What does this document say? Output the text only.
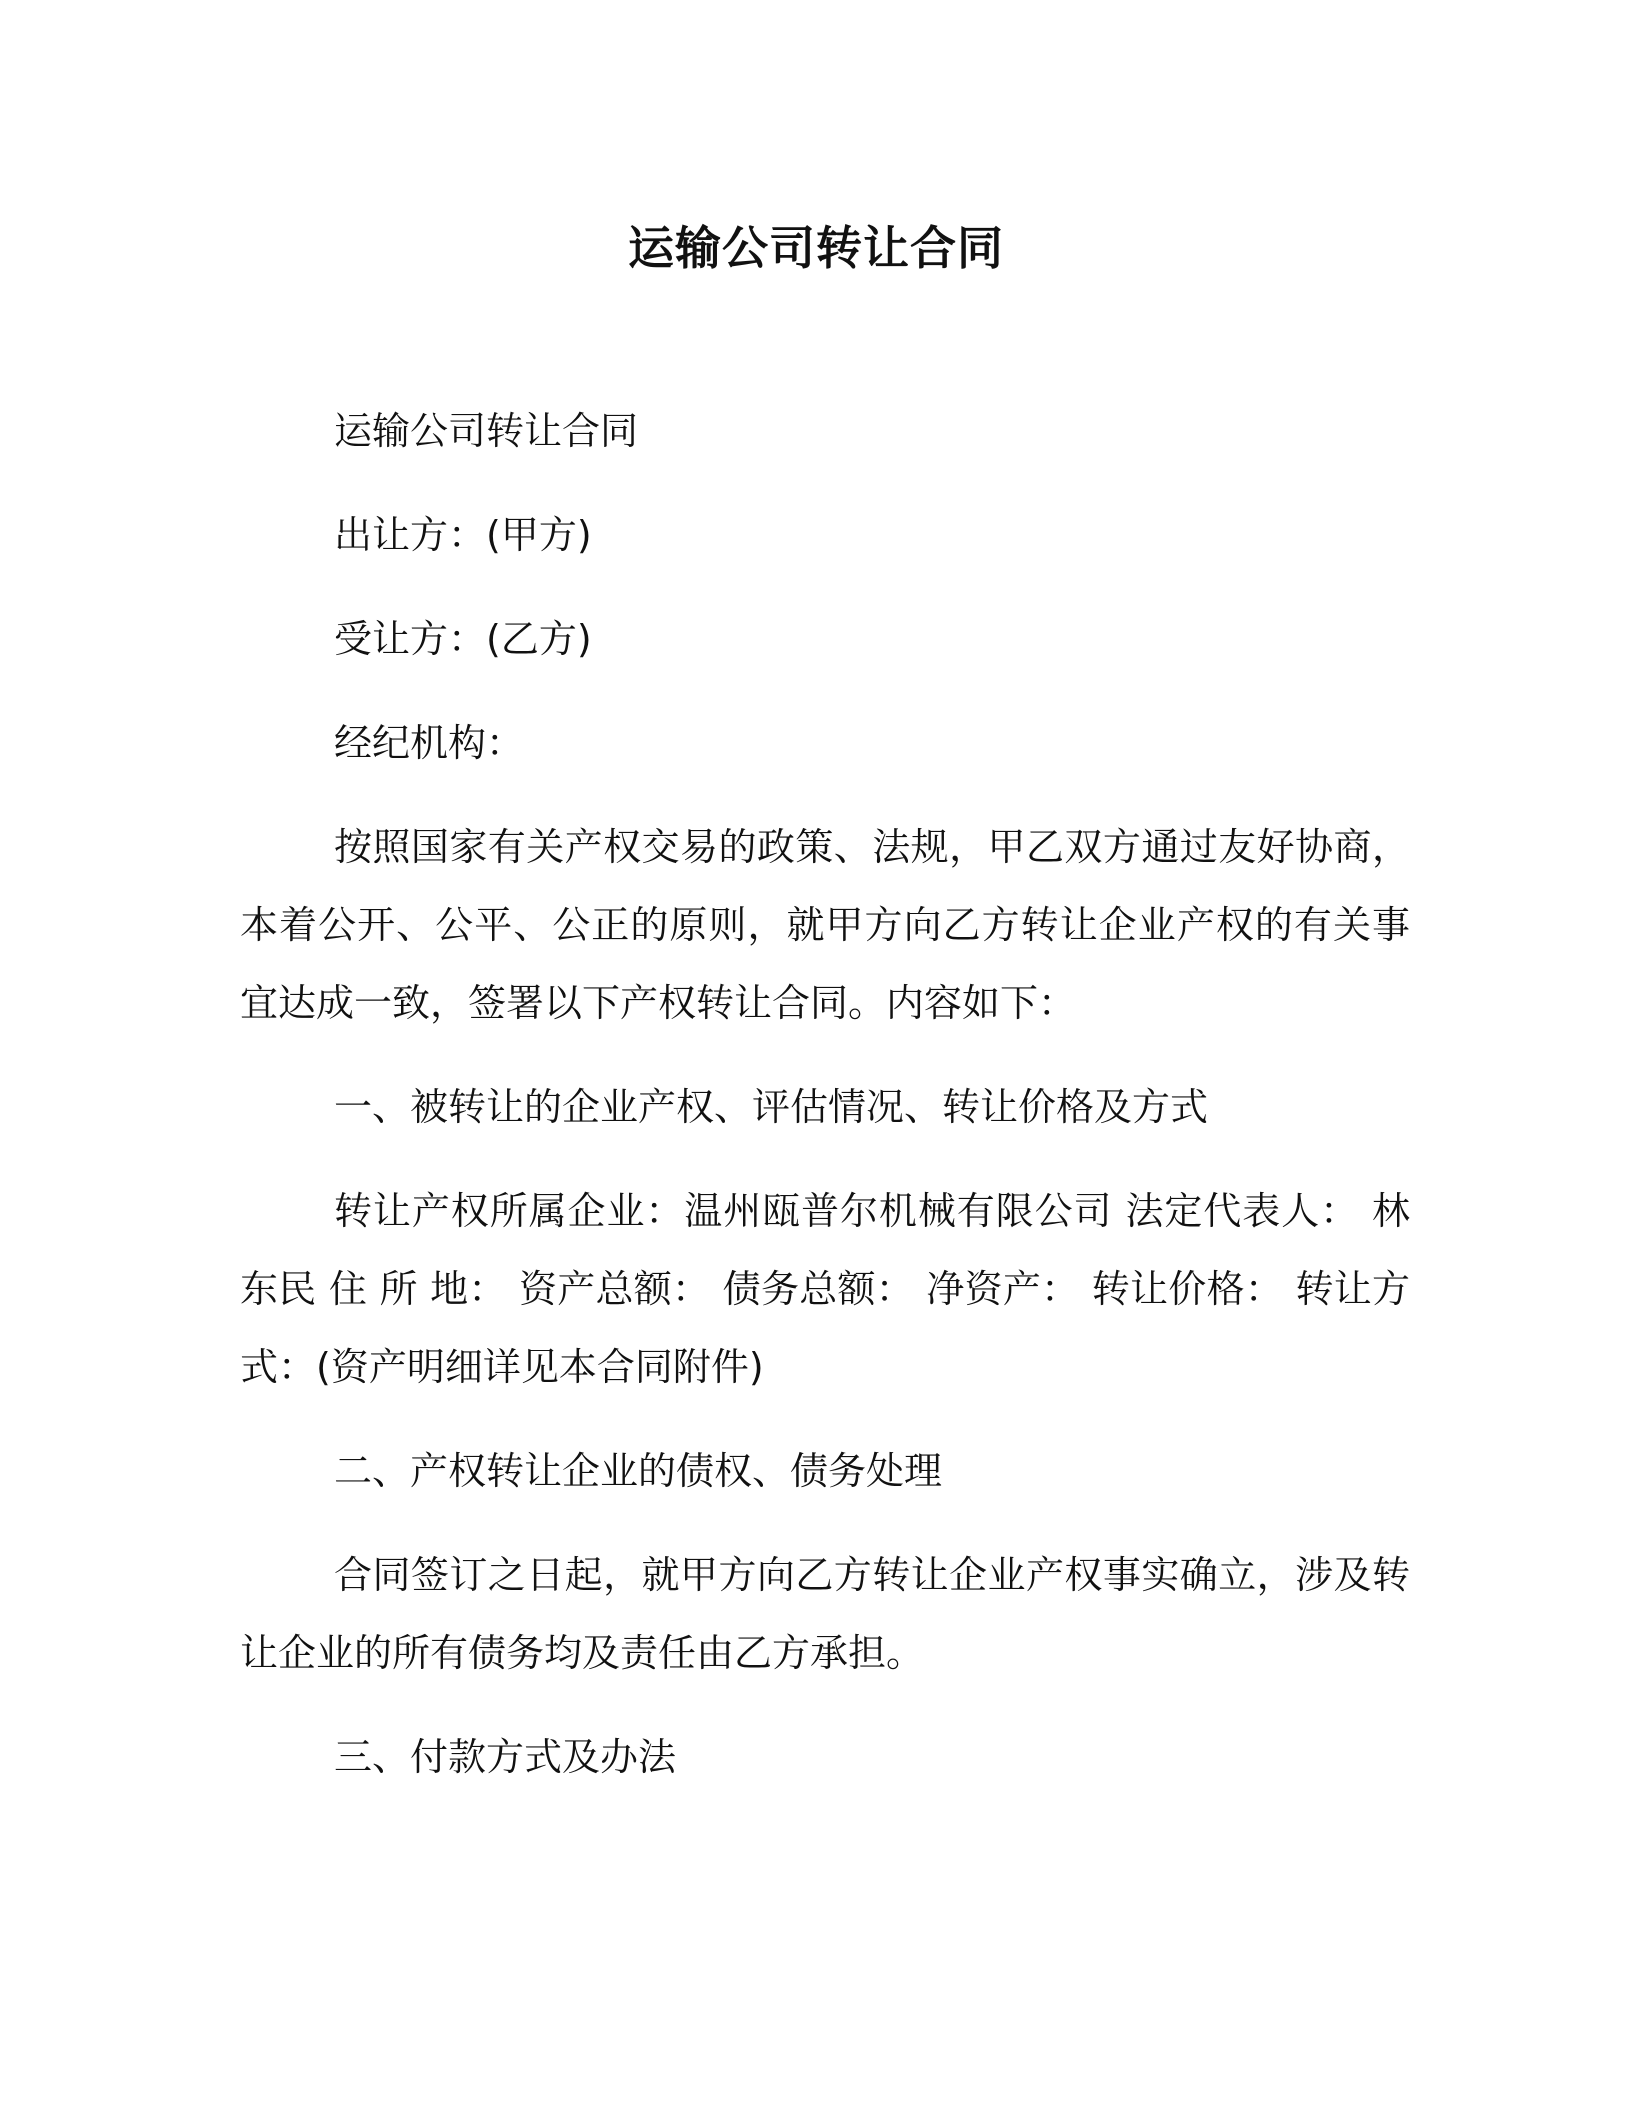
运输公司转让合同

运输公司转让合同

出让方：(甲方)

受让方：(乙方)

经纪机构：

按照国家有关产权交易的政策、法规，甲乙双方通过友好协商，本着公开、公平、公正的原则，就甲方向乙方转让企业产权的有关事宜达成一致，签署以下产权转让合同。内容如下：

一、被转让的企业产权、评估情况、转让价格及方式

转让产权所属企业：温州瓯普尔机械有限公司 法定代表人： 林东民 住 所 地： 资产总额： 债务总额： 净资产： 转让价格： 转让方式：(资产明细详见本合同附件)

二、产权转让企业的债权、债务处理

合同签订之日起，就甲方向乙方转让企业产权事实确立，涉及转让企业的所有债务均及责任由乙方承担。

三、付款方式及办法
